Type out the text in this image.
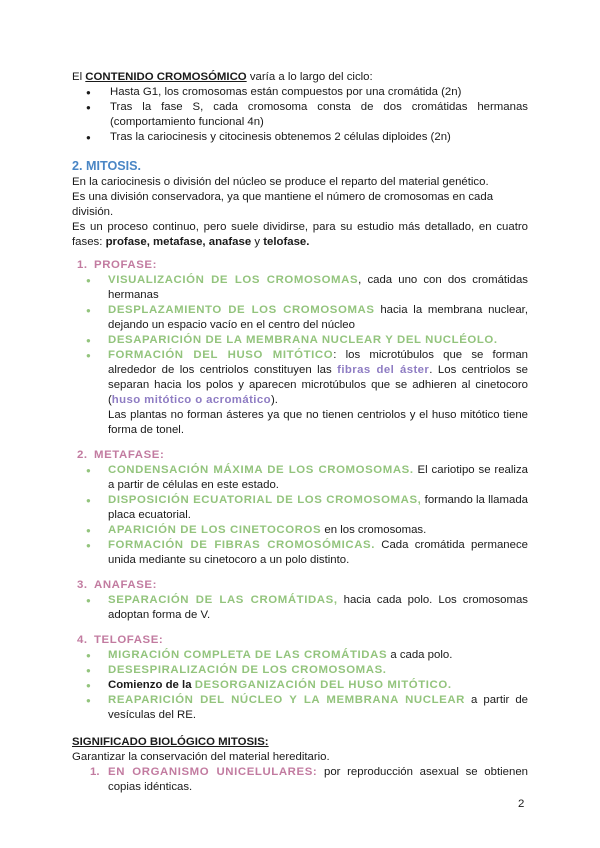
El CONTENIDO CROMOSÓMICO varía a lo largo del ciclo:

● Hasta G1, los cromosomas están compuestos por una cromátida (2n)
● Tras la fase S, cada cromosoma consta de dos cromátidas hermanas (comportamiento funcional 4n)
● Tras la cariocinesis y citocinesis obtenemos 2 células diploides (2n)
2. MITOSIS.

En la cariocinesis o división del núcleo se produce el reparto del material genético.

Es una división conservadora, ya que mantiene el número de cromosomas en cada división.

Es un proceso continuo, pero suele dividirse, para su estudio más detallado, en cuatro fases: profase, metafase, anafase y telofase.

1. PROFASE:
● VISUALIZACIÓN DE LOS CROMOSOMAS, cada uno con dos cromátidas hermanas
● DESPLAZAMIENTO DE LOS CROMOSOMAS hacia la membrana nuclear, dejando un espacio vacío en el centro del núcleo
● DESAPARICIÓN DE LA MEMBRANA NUCLEAR Y DEL NUCLÉOLO.
● FORMACIÓN DEL HUSO MITÓTICO: los microtúbulos que se forman alrededor de los centriolos constituyen las fibras del áster. Los centriolos se separan hacia los polos y aparecen microtúbulos que se adhieren al cinetocoro (huso mitótico o acromático).
Las plantas no forman ásteres ya que no tienen centriolos y el huso mitótico tiene forma de tonel.
2. METAFASE:
● CONDENSACIÓN MÁXIMA DE LOS CROMOSOMAS. El cariotipo se realiza a partir de células en este estado.
● DISPOSICIÓN ECUATORIAL DE LOS CROMOSOMAS, formando la llamada placa ecuatorial.
● APARICIÓN DE LOS CINETOCOROS en los cromosomas.
● FORMACIÓN DE FIBRAS CROMOSÓMICAS. Cada cromátida permanece unida mediante su cinetocoro a un polo distinto.
3. ANAFASE:
● SEPARACIÓN DE LAS CROMÁTIDAS, hacia cada polo. Los cromosomas adoptan forma de V.
4. TELOFASE:
● MIGRACIÓN COMPLETA DE LAS CROMÁTIDAS a cada polo.
● DESESPIRALIZACIÓN DE LOS CROMOSOMAS.
● Comienzo de la DESORGANIZACIÓN DEL HUSO MITÓTICO.
● REAPARICIÓN DEL NÚCLEO Y LA MEMBRANA NUCLEAR a partir de vesículas del RE.
SIGNIFICADO BIOLÓGICO MITOSIS:

Garantizar la conservación del material hereditario.

1. EN ORGANISMO UNICELULARES: por reproducción asexual se obtienen copias idénticas.
2
